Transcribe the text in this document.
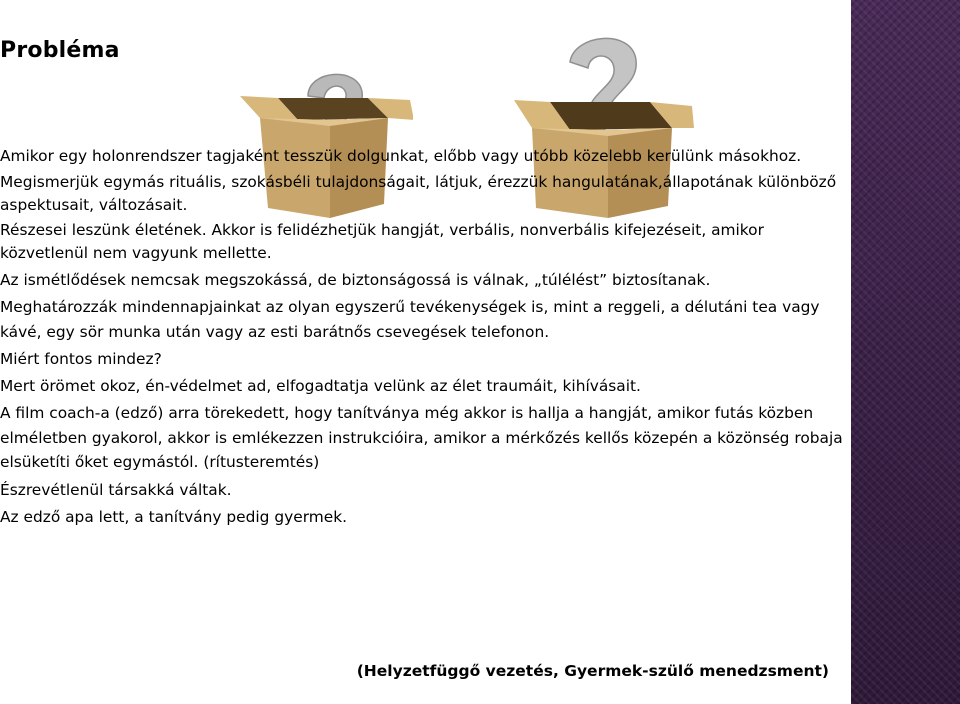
Probléma

Amikor egy holonrendszer tagjaként tesszük dolgunkat, előbb vagy utóbb közelebb kerülünk másokhoz.

Megismerjük egymás rituális, szokásbéli tulajdonságait, látjuk, érezzük hangulatának,állapotának különböző aspektusait, változásait.

Részesei leszünk életének. Akkor is felidézhetjük hangját, verbális, nonverbális kifejezéseit, amikor közvetlenül nem vagyunk mellette.

Az ismétlődések nemcsak megszokássá, de biztonságossá is válnak, „túlélést” biztosítanak.

Meghatározzák mindennapjainkat az olyan egyszerű tevékenységek is, mint a reggeli, a délutáni tea vagy kávé, egy sör munka után vagy az esti barátnős csevegések telefonon.

Miért fontos mindez?

Mert örömet okoz, én-védelmet ad, elfogadtatja velünk az élet traumáit, kihívásait.

A film coach-a (edző) arra törekedett, hogy tanítványa még akkor is hallja a hangját, amikor futás közben elméletben gyakorol, akkor is emlékezzen instrukcióira, amikor a mérkőzés kellős közepén a közönség robaja elsüketíti őket egymástól. (rítusteremtés)

Észrevétlenül társakká váltak.

Az edző apa lett, a tanítvány pedig gyermek.

(Helyzetfüggő vezetés, Gyermek-szülő menedzsment)
